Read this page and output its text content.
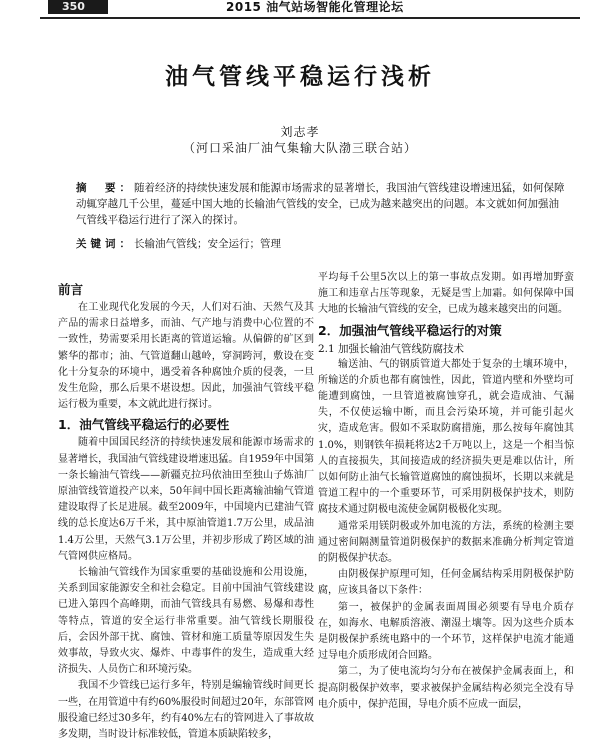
350	2015 油气站场智能化管理论坛
油气管线平稳运行浅析
刘志孝
（河口采油厂油气集输大队渤三联合站）

摘　要：随着经济的持续快速发展和能源市场需求的显著增长，我国油气管线建设增速迅猛，如何保障动辄穿越几千公里，蔓延中国大地的长输油气管线的安全，已成为越来越突出的问题。本文就如何加强油气管线平稳运行进行了深入的探讨。

关键词：长输油气管线；安全运行；管理

前言

在工业现代化发展的今天，人们对石油、天然气及其产品的需求日益增多，而油、气产地与消费中心位置的不一致性，势需要采用长距离的管道运输。从偏僻的矿区到繁华的都市；油、气管道翻山越岭，穿洞跨河，敷设在变化十分复杂的环境中，遇受着各种腐蚀介质的侵袭，一旦发生危险，那么后果不堪设想。因此，加强油气管线平稳运行极为重要，本文就此进行探讨。

1．油气管线平稳运行的必要性

随着中国国民经济的持续快速发展和能源市场需求的显著增长，我国油气管线建设增速迅猛。自1959年中国第一条长输油气管线——新疆克拉玛依油田至独山子炼油厂原油管线管道投产以来，50年间中国长距离输油输气管道建设取得了长足进展。截至2009年，中国境内已建油气管线的总长度达6万千米，其中原油管道1.7万公里，成品油1.4万公里，天然气3.1万公里，并初步形成了跨区域的油气管网供应格局。

长输油气管线作为国家重要的基础设施和公用设施，关系到国家能源安全和社会稳定。目前中国油气管线建设已进入第四个高峰期，而油气管线具有易燃、易爆和毒性等特点，管道的安全运行非常重要。油气管线长期服役后，会因外部干扰、腐蚀、管材和施工质量等原因发生失效事故，导致火灾、爆炸、中毒事件的发生，造成重大经济损失、人员伤亡和环境污染。

我国不少管线已运行多年，特别是编输管线时间更长一些，在用管道中有约60%服役时间超过20年，东部管网服役逾已经过30多年，约有40%左右的管网进入了事故故多发期，当时设计标准较低，管道本质缺陷较多，

平均每千公里5次以上的第一事故点发期。如再增加野蛮施工和违章占压等现象，无疑是雪上加霜。如何保障中国大地的长输油气管线的安全，已成为越来越突出的问题。

2．加强油气管线平稳运行的对策
2.1 加强长输油气管线防腐技术

输送油、气的钢质管道大都处于复杂的土壤环境中，所输送的介质也都有腐蚀性，因此，管道内壁和外壁均可能遭到腐蚀，一旦管道被腐蚀穿孔，就会造成油、气漏失，不仅使运输中断，而且会污染环境，并可能引起火灾，造成危害。假如不采取防腐措施，那么按每年腐蚀其1.0%，则钢铁年损耗将达2千万吨以上，这是一个相当惊人的直接损失，其间接造成的经济损失更是难以估计，所以如何防止油气长输管道腐蚀的腐蚀损坏，长期以来就是管道工程中的一个重要环节，可采用阴极保护技术，则防腐技术通过阴极电流使金属阴极极化实现。

通常采用镁阴极或外加电流的方法，系统的检测主要通过密间隔测量管道阴极保护的数据来准确分析判定管道的阴极保护状态。

由阴极保护原理可知，任何金属结构采用阴极保护防腐，应该具备以下条件：

第一，被保护的金属表面周围必须要有导电介质存在，如海水、电解质溶液、潮湿土壤等。因为这些介质本是阴极保护系统电路中的一个环节，这样保护电流才能通过导电介质形成闭合回路。

第二，为了使电流均匀分布在被保护金属表面上，和提高阴极保护效率，要求被保护金属结构必须完全没有导电介质中，保护范围，导电介质不应成一面层，
